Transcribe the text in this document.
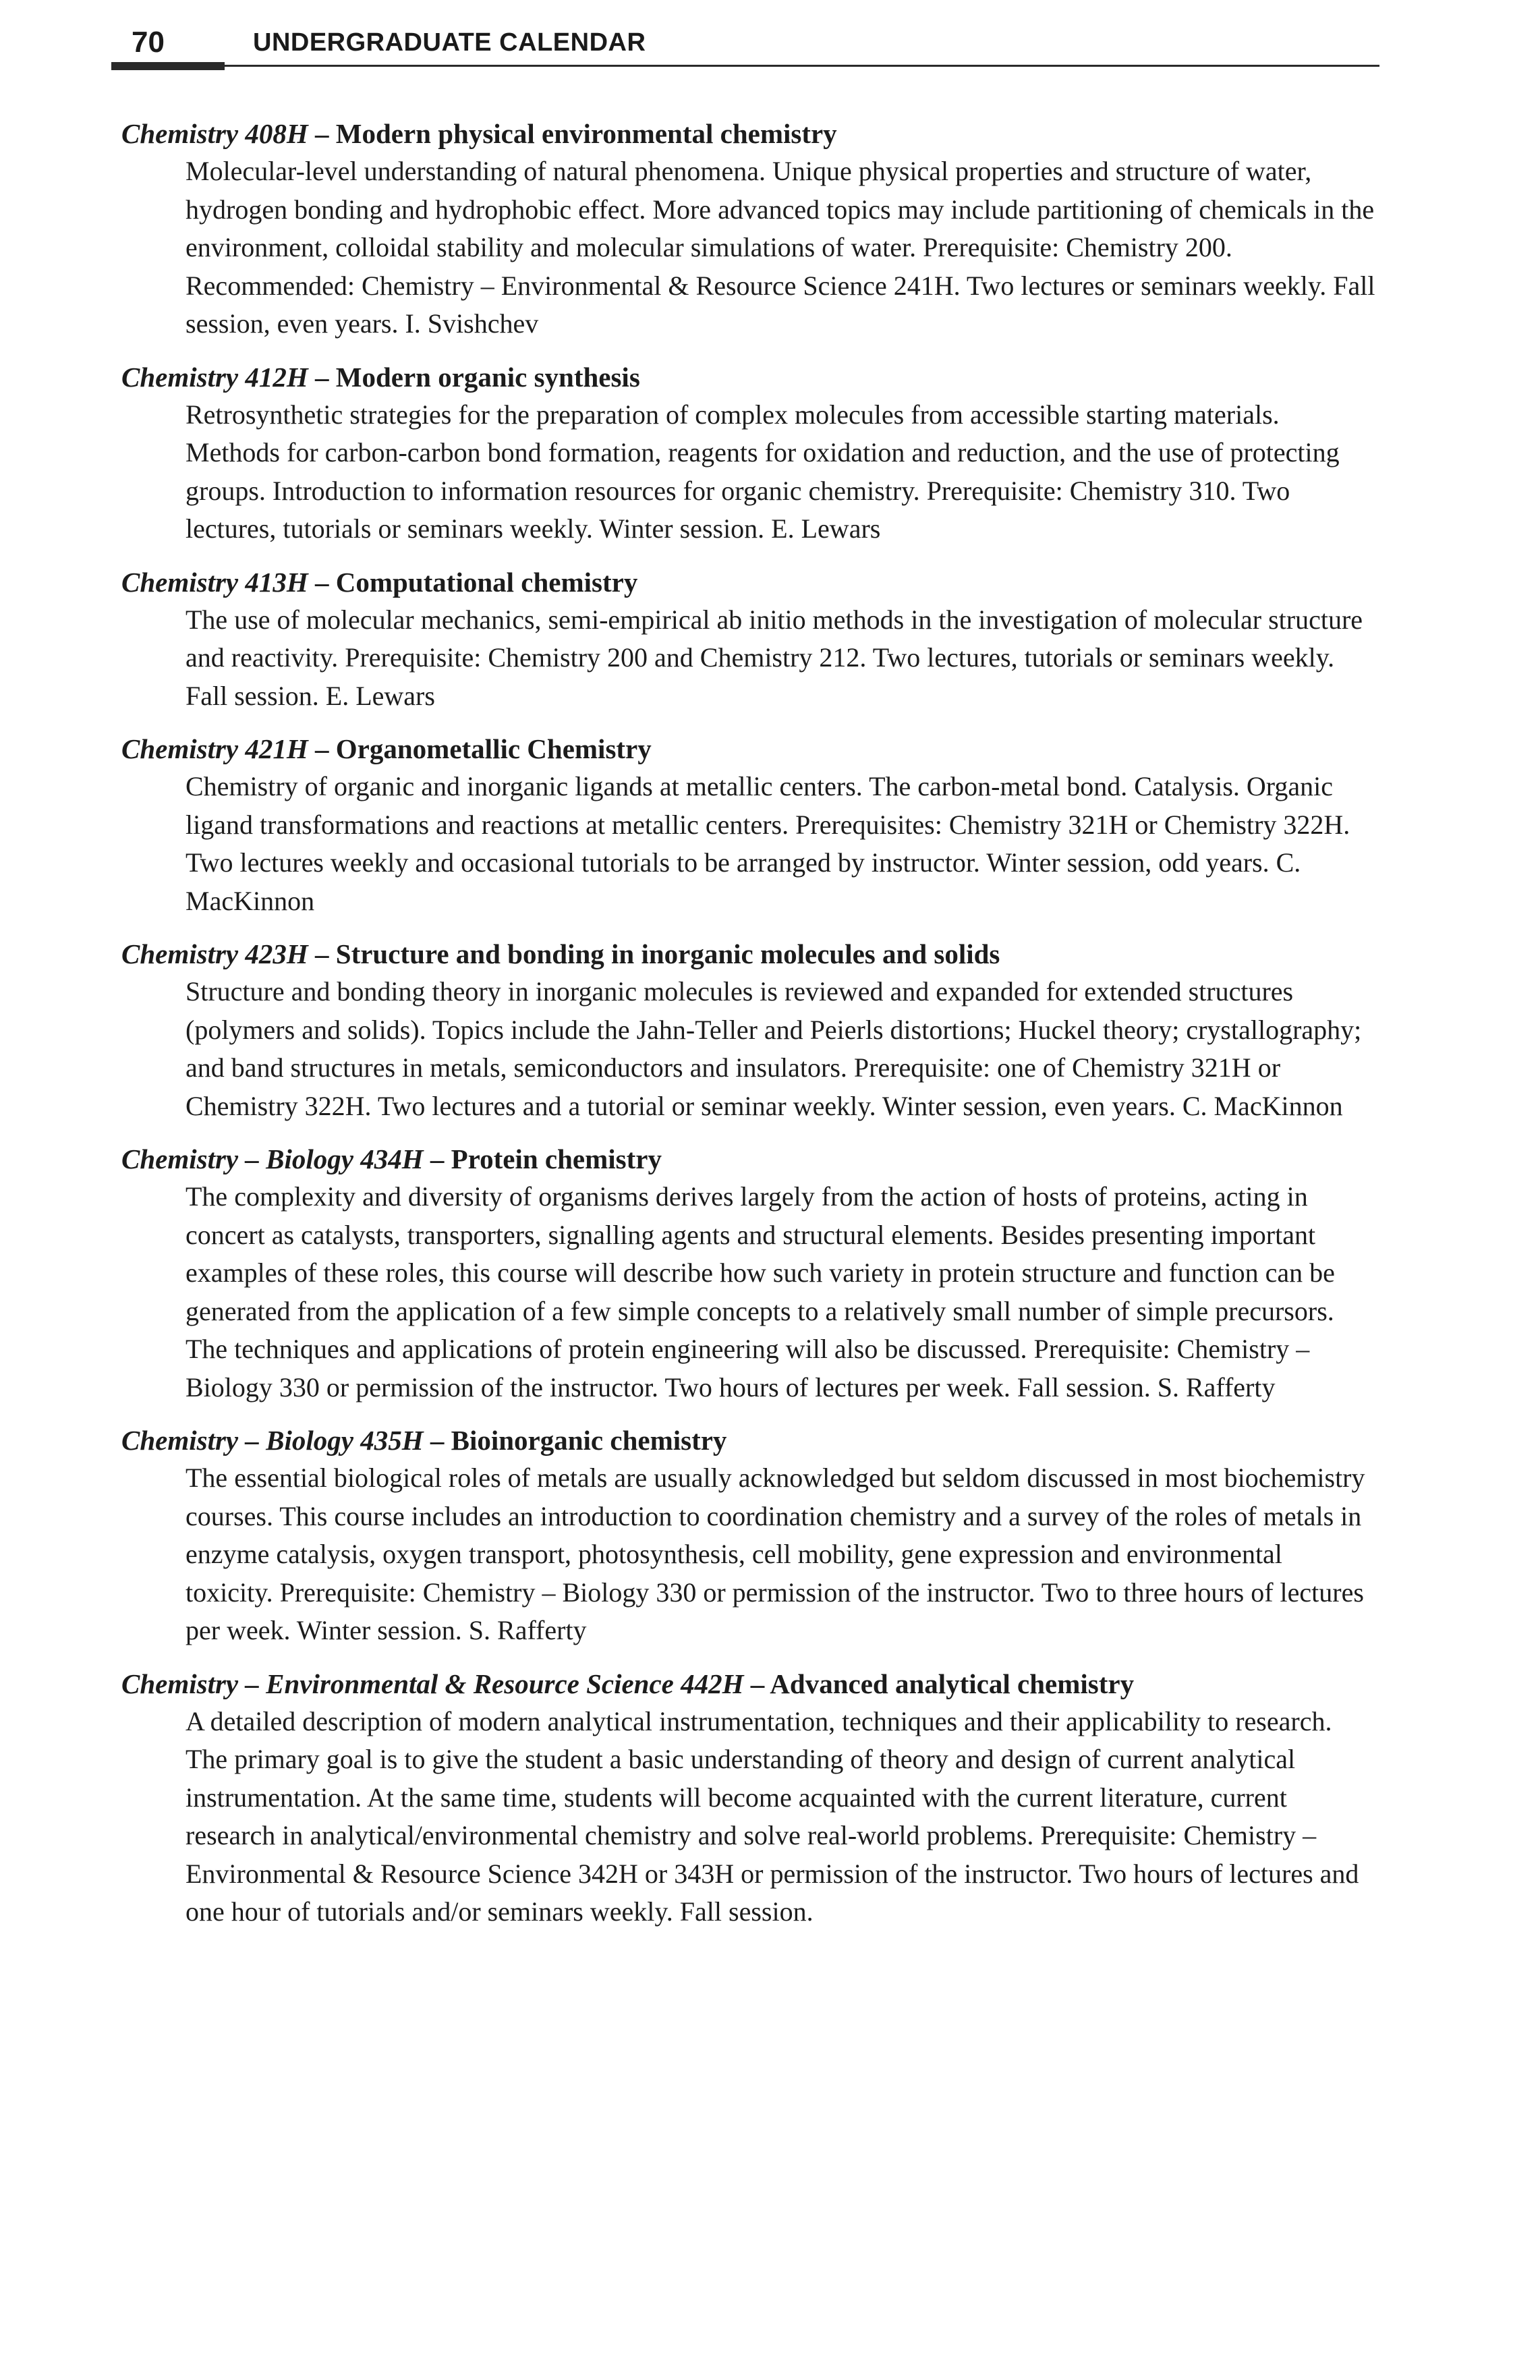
70	UNDERGRADUATE CALENDAR
Chemistry 408H – Modern physical environmental chemistry
Molecular-level understanding of natural phenomena. Unique physical properties and structure of water, hydrogen bonding and hydrophobic effect. More advanced topics may include partitioning of chemicals in the environment, colloidal stability and molecular simulations of water. Prerequisite: Chemistry 200. Recommended: Chemistry – Environmental & Resource Science 241H. Two lectures or seminars weekly. Fall session, even years. I. Svishchev
Chemistry 412H – Modern organic synthesis
Retrosynthetic strategies for the preparation of complex molecules from accessible starting materials. Methods for carbon-carbon bond formation, reagents for oxidation and reduction, and the use of protecting groups. Introduction to information resources for organic chemistry. Prerequisite: Chemistry 310. Two lectures, tutorials or seminars weekly. Winter session. E. Lewars
Chemistry 413H – Computational chemistry
The use of molecular mechanics, semi-empirical ab initio methods in the investigation of molecular structure and reactivity. Prerequisite: Chemistry 200 and Chemistry 212. Two lectures, tutorials or seminars weekly. Fall session. E. Lewars
Chemistry 421H – Organometallic Chemistry
Chemistry of organic and inorganic ligands at metallic centers. The carbon-metal bond. Catalysis. Organic ligand transformations and reactions at metallic centers. Prerequisites: Chemistry 321H or Chemistry 322H. Two lectures weekly and occasional tutorials to be arranged by instructor. Winter session, odd years. C. MacKinnon
Chemistry 423H – Structure and bonding in inorganic molecules and solids
Structure and bonding theory in inorganic molecules is reviewed and expanded for extended structures (polymers and solids). Topics include the Jahn-Teller and Peierls distortions; Huckel theory; crystallography; and band structures in metals, semiconductors and insulators. Prerequisite: one of Chemistry 321H or Chemistry 322H. Two lectures and a tutorial or seminar weekly. Winter session, even years. C. MacKinnon
Chemistry – Biology 434H – Protein chemistry
The complexity and diversity of organisms derives largely from the action of hosts of proteins, acting in concert as catalysts, transporters, signalling agents and structural elements. Besides presenting important examples of these roles, this course will describe how such variety in protein structure and function can be generated from the application of a few simple concepts to a relatively small number of simple precursors. The techniques and applications of protein engineering will also be discussed. Prerequisite: Chemistry – Biology 330 or permission of the instructor. Two hours of lectures per week. Fall session. S. Rafferty
Chemistry – Biology 435H – Bioinorganic chemistry
The essential biological roles of metals are usually acknowledged but seldom discussed in most biochemistry courses. This course includes an introduction to coordination chemistry and a survey of the roles of metals in enzyme catalysis, oxygen transport, photosynthesis, cell mobility, gene expression and environmental toxicity. Prerequisite: Chemistry – Biology 330 or permission of the instructor. Two to three hours of lectures per week. Winter session. S. Rafferty
Chemistry – Environmental & Resource Science 442H – Advanced analytical chemistry
A detailed description of modern analytical instrumentation, techniques and their applicability to research. The primary goal is to give the student a basic understanding of theory and design of current analytical instrumentation. At the same time, students will become acquainted with the current literature, current research in analytical/environmental chemistry and solve real-world problems. Prerequisite: Chemistry – Environmental & Resource Science 342H or 343H or permission of the instructor. Two hours of lectures and one hour of tutorials and/or seminars weekly. Fall session.
